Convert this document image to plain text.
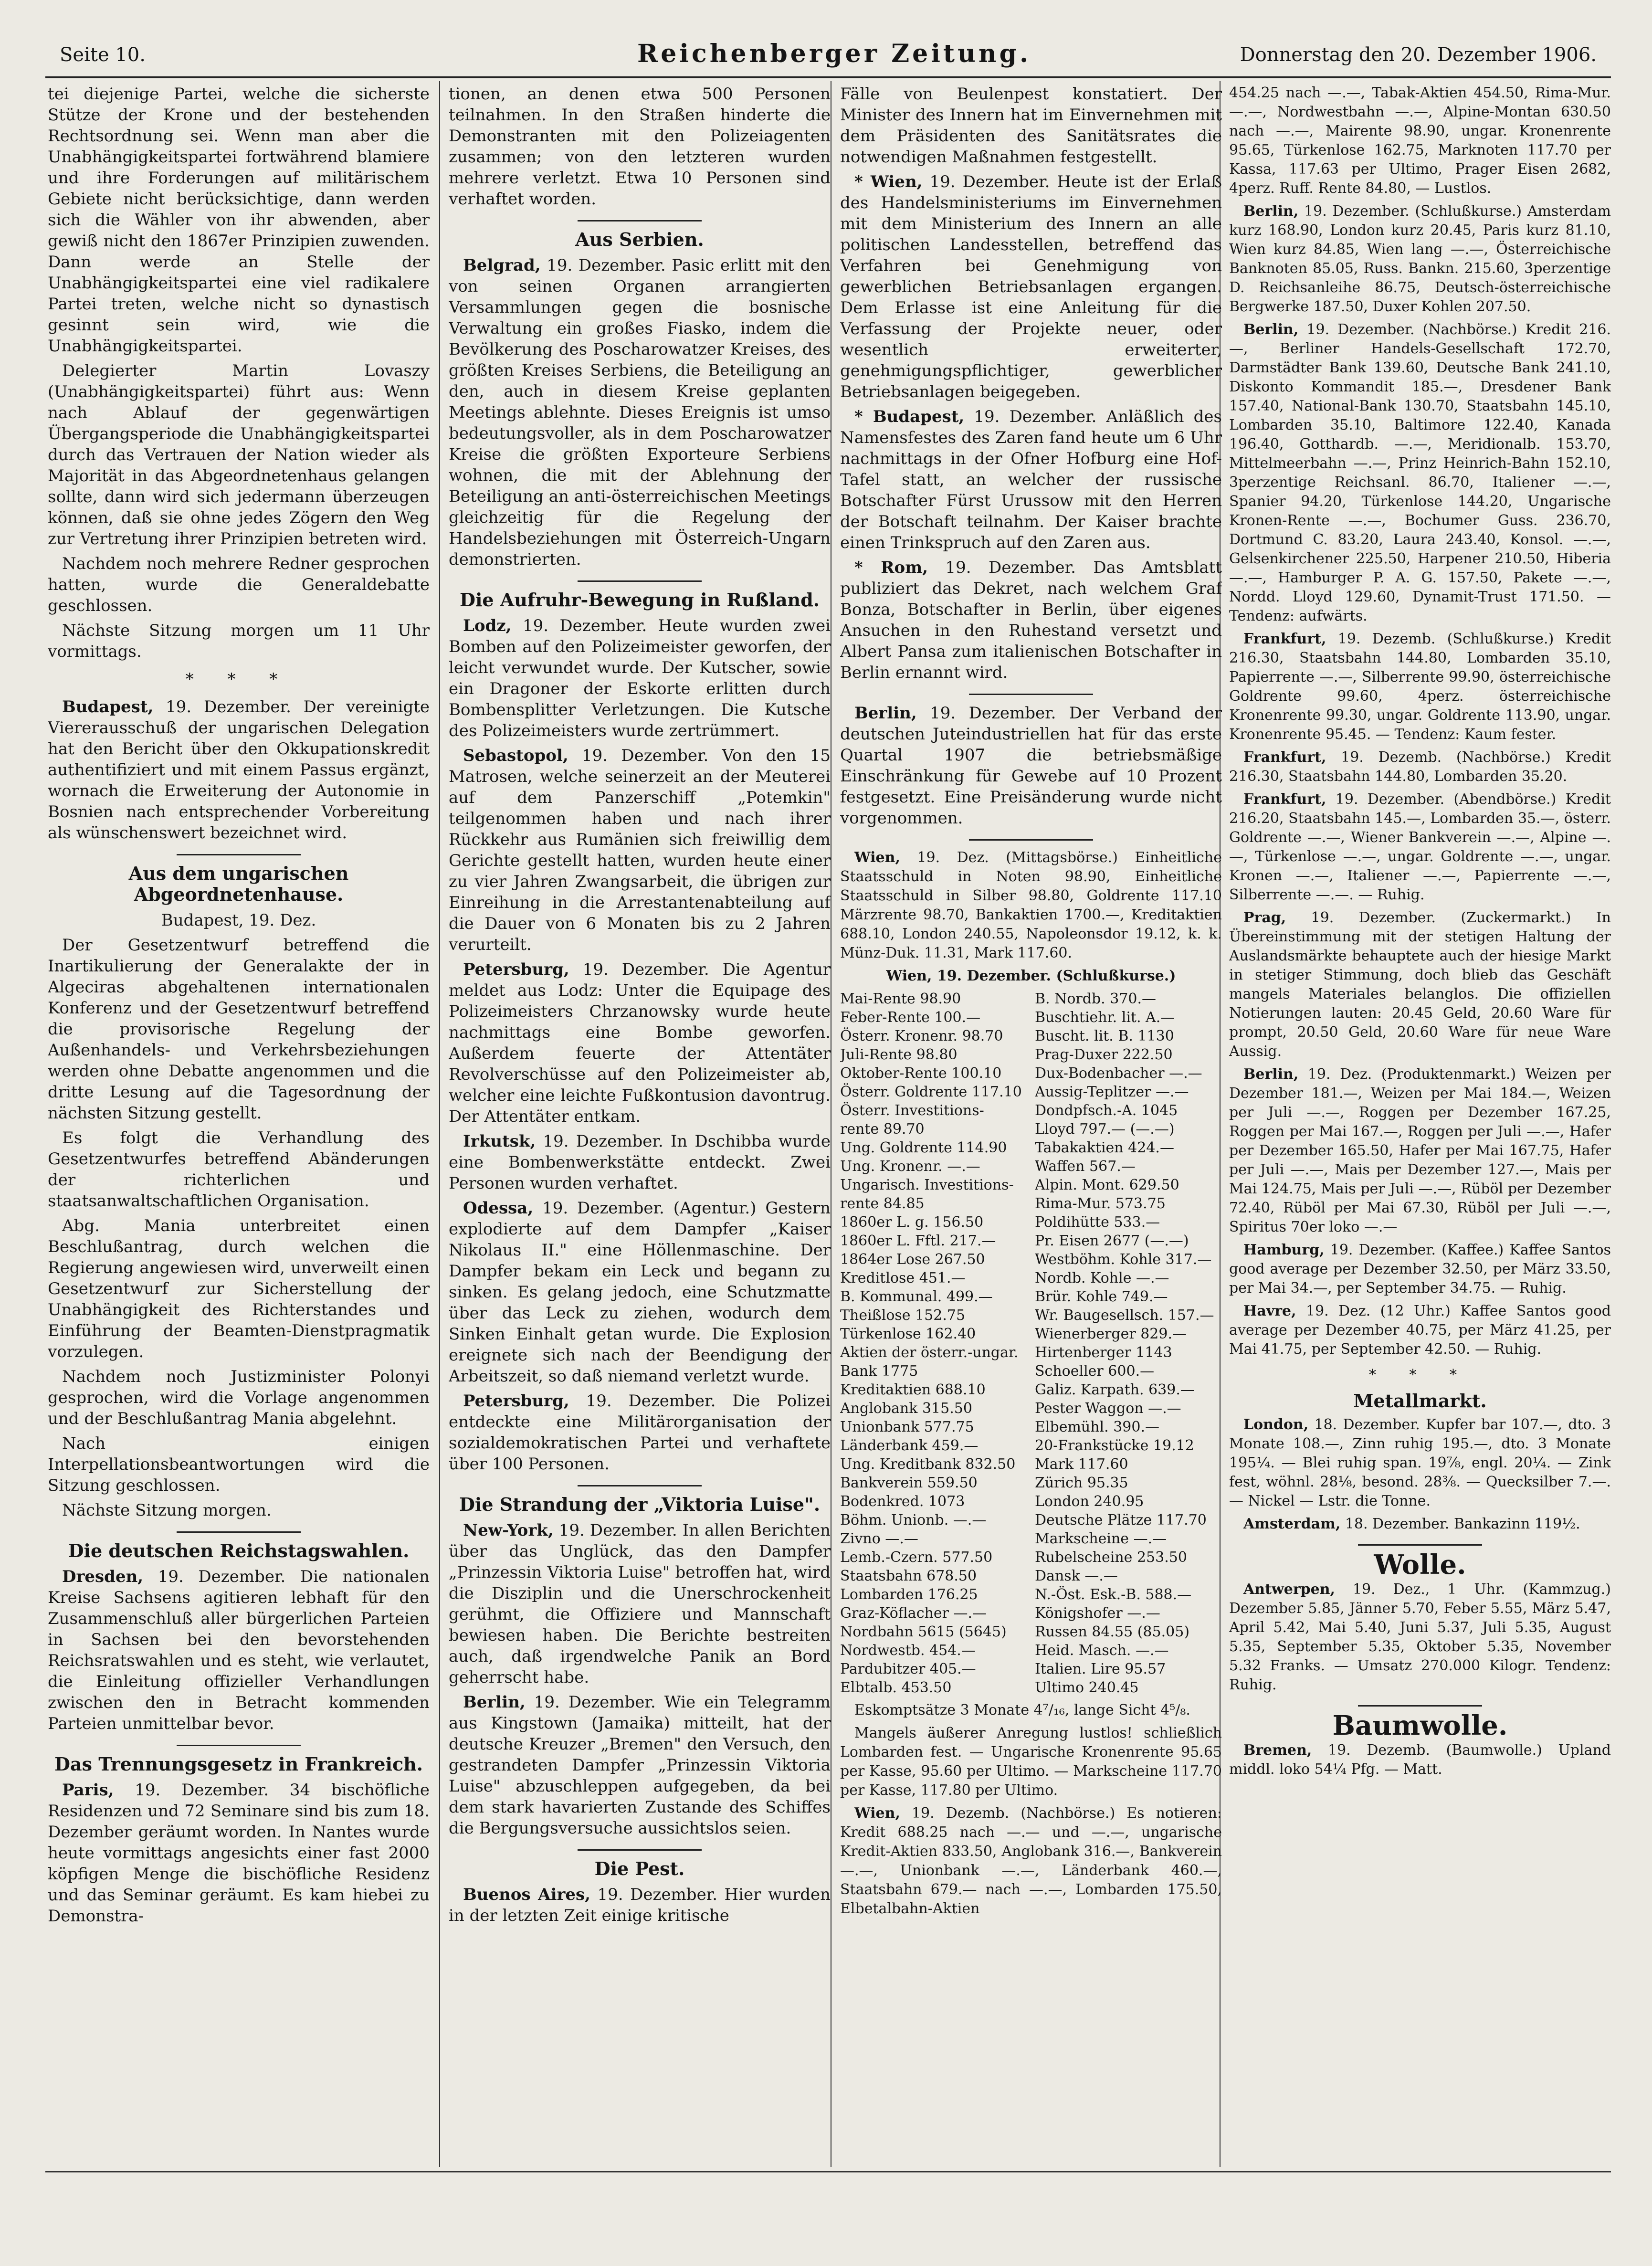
Seite 10.	Reichenberger Zeitung.	Donnerstag den 20. Dezember 1906.

tei diejenige Partei, welche die sicherste Stütze der Krone und der bestehenden Rechtsordnung sei. Wenn man aber die Unabhängigkeitspartei fortwährend blamiere und ihre Forderungen auf militärischem Gebiete nicht berücksichtige, dann werden sich die Wähler von ihr abwenden, aber gewiß nicht den 1867er Prinzipien zuwenden. Dann werde an Stelle der Unabhängigkeitspartei eine viel radikalere Partei treten, welche nicht so dynastisch gesinnt sein wird, wie die Unabhängigkeitspartei.

Delegierter Martin Lovaszy (Unabhängigkeitspartei) führt aus: Wenn nach Ablauf der gegenwärtigen Übergangsperiode die Unabhängigkeitspartei durch das Vertrauen der Nation wieder als Majorität in das Abgeordnetenhaus gelangen sollte, dann wird sich jedermann überzeugen können, daß sie ohne jedes Zögern den Weg zur Vertretung ihrer Prinzipien betreten wird.

Nachdem noch mehrere Redner gesprochen hatten, wurde die Generaldebatte geschlossen.

Nächste Sitzung morgen um 11 Uhr vormittags.

* * *

Budapest, 19. Dezember. Der vereinigte Viererausschuß der ungarischen Delegation hat den Bericht über den Okkupationskredit authentifiziert und mit einem Passus ergänzt, wornach die Erweiterung der Autonomie in Bosnien nach entsprechender Vorbereitung als wünschenswert bezeichnet wird.

Aus dem ungarischen Abgeordnetenhause.

Budapest, 19. Dez.

Der Gesetzentwurf betreffend die Inartikulierung der Generalakte der in Algeciras abgehaltenen internationalen Konferenz und der Gesetzentwurf betreffend die provisorische Regelung der Außenhandels- und Verkehrsbeziehungen werden ohne Debatte angenommen und die dritte Lesung auf die Tagesordnung der nächsten Sitzung gestellt.

Es folgt die Verhandlung des Gesetzentwurfes betreffend Abänderungen der richterlichen und staatsanwaltschaftlichen Organisation.

Abg. Mania unterbreitet einen Beschlußantrag, durch welchen die Regierung angewiesen wird, unverweilt einen Gesetzentwurf zur Sicherstellung der Unabhängigkeit des Richterstandes und Einführung der Beamten-Dienstpragmatik vorzulegen.

Nachdem noch Justizminister Polonyi gesprochen, wird die Vorlage angenommen und der Beschlußantrag Mania abgelehnt.

Nach einigen Interpellationsbeantwortungen wird die Sitzung geschlossen.

Nächste Sitzung morgen.

Die deutschen Reichstagswahlen.

Dresden, 19. Dezember. Die nationalen Kreise Sachsens agitieren lebhaft für den Zusammenschluß aller bürgerlichen Parteien in Sachsen bei den bevorstehenden Reichsratswahlen und es steht, wie verlautet, die Einleitung offizieller Verhandlungen zwischen den in Betracht kommenden Parteien unmittelbar bevor.

Das Trennungsgesetz in Frankreich.

Paris, 19. Dezember. 34 bischöfliche Residenzen und 72 Seminare sind bis zum 18. Dezember geräumt worden. In Nantes wurde heute vormittags angesichts einer fast 2000 köpfigen Menge die bischöfliche Residenz und das Seminar geräumt. Es kam hiebei zu Demonstra-

tionen, an denen etwa 500 Personen teilnahmen. In den Straßen hinderte die Demonstranten mit den Polizeiagenten zusammen; von den letzteren wurden mehrere verletzt. Etwa 10 Personen sind verhaftet worden.

Aus Serbien.

Belgrad, 19. Dezember. Pasic erlitt mit den von seinen Organen arrangierten Versammlungen gegen die bosnische Verwaltung ein großes Fiasko, indem die Bevölkerung des Poscharowatzer Kreises, des größten Kreises Serbiens, die Beteiligung an den, auch in diesem Kreise geplanten Meetings ablehnte. Dieses Ereignis ist umso bedeutungsvoller, als in dem Poscharowatzer Kreise die größten Exporteure Serbiens wohnen, die mit der Ablehnung der Beteiligung an anti-österreichischen Meetings gleichzeitig für die Regelung der Handelsbeziehungen mit Österreich-Ungarn demonstrierten.

Die Aufruhr-Bewegung in Rußland.

Lodz, 19. Dezember. Heute wurden zwei Bomben auf den Polizeimeister geworfen, der leicht verwundet wurde. Der Kutscher, sowie ein Dragoner der Eskorte erlitten durch Bombensplitter Verletzungen. Die Kutsche des Polizeimeisters wurde zertrümmert.

Sebastopol, 19. Dezember. Von den 15 Matrosen, welche seinerzeit an der Meuterei auf dem Panzerschiff „Potemkin" teilgenommen haben und nach ihrer Rückkehr aus Rumänien sich freiwillig dem Gerichte gestellt hatten, wurden heute einer zu vier Jahren Zwangsarbeit, die übrigen zur Einreihung in die Arrestantenabteilung auf die Dauer von 6 Monaten bis zu 2 Jahren verurteilt.

Petersburg, 19. Dezember. Die Agentur meldet aus Lodz: Unter die Equipage des Polizeimeisters Chrzanowsky wurde heute nachmittags eine Bombe geworfen. Außerdem feuerte der Attentäter Revolverschüsse auf den Polizeimeister ab, welcher eine leichte Fußkontusion davontrug. Der Attentäter entkam.

Irkutsk, 19. Dezember. In Dschibba wurde eine Bombenwerkstätte entdeckt. Zwei Personen wurden verhaftet.

Odessa, 19. Dezember. (Agentur.) Gestern explodierte auf dem Dampfer „Kaiser Nikolaus II." eine Höllenmaschine. Der Dampfer bekam ein Leck und begann zu sinken. Es gelang jedoch, eine Schutzmatte über das Leck zu ziehen, wodurch dem Sinken Einhalt getan wurde. Die Explosion ereignete sich nach der Beendigung der Arbeitszeit, so daß niemand verletzt wurde.

Petersburg, 19. Dezember. Die Polizei entdeckte eine Militärorganisation der sozialdemokratischen Partei und verhaftete über 100 Personen.

Die Strandung der „Viktoria Luise".

New-York, 19. Dezember. In allen Berichten über das Unglück, das den Dampfer „Prinzessin Viktoria Luise" betroffen hat, wird die Disziplin und die Unerschrockenheit gerühmt, die Offiziere und Mannschaft bewiesen haben. Die Berichte bestreiten auch, daß irgendwelche Panik an Bord geherrscht habe.

Berlin, 19. Dezember. Wie ein Telegramm aus Kingstown (Jamaika) mitteilt, hat der deutsche Kreuzer „Bremen" den Versuch, den gestrandeten Dampfer „Prinzessin Viktoria Luise" abzuschleppen aufgegeben, da bei dem stark havarierten Zustande des Schiffes die Bergungsversuche aussichtslos seien.

Die Pest.

Buenos Aires, 19. Dezember. Hier wurden in der letzten Zeit einige kritische

Fälle von Beulenpest konstatiert. Der Minister des Innern hat im Einvernehmen mit dem Präsidenten des Sanitätsrates die notwendigen Maßnahmen festgestellt.

* Wien, 19. Dezember. Heute ist der Erlaß des Handelsministeriums im Einvernehmen mit dem Ministerium des Innern an alle politischen Landesstellen, betreffend das Verfahren bei Genehmigung von gewerblichen Betriebsanlagen ergangen. Dem Erlasse ist eine Anleitung für die Verfassung der Projekte neuer, oder wesentlich erweiterter, genehmigungspflichtiger, gewerblicher Betriebsanlagen beigegeben.

* Budapest, 19. Dezember. Anläßlich des Namensfestes des Zaren fand heute um 6 Uhr nachmittags in der Ofner Hofburg eine Hof-Tafel statt, an welcher der russische Botschafter Fürst Urussow mit den Herren der Botschaft teilnahm. Der Kaiser brachte einen Trinkspruch auf den Zaren aus.

* Rom, 19. Dezember. Das Amtsblatt publiziert das Dekret, nach welchem Graf Bonza, Botschafter in Berlin, über eigenes Ansuchen in den Ruhestand versetzt und Albert Pansa zum italienischen Botschafter in Berlin ernannt wird.

Berlin, 19. Dezember. Der Verband der deutschen Juteindustriellen hat für das erste Quartal 1907 die betriebsmäßige Einschränkung für Gewebe auf 10 Prozent festgesetzt. Eine Preisänderung wurde nicht vorgenommen.

Wien, 19. Dez. (Mittagsbörse.) Einheitliche Staatsschuld in Noten 98.90, Einheitliche Staatsschuld in Silber 98.80, Goldrente 117.10 Märzrente 98.70, Bankaktien 1700.—, Kreditaktien 688.10, London 240.55, Napoleonsdor 19.12, k. k. Münz-Duk. 11.31, Mark 117.60.

Wien, 19. Dezember. (Schlußkurse.)

Mai-Rente 98.90	B. Nordb. 370.—
Feber-Rente 100.—	Buschtiehr. lit. A.—
Österr. Kronenr. 98.70	Buscht. lit. B. 1130
Juli-Rente 98.80	Prag-Duxer 222.50
Oktober-Rente 100.10	Dux-Bodenbacher —.—
Österr. Goldrente 117.10 Aussig-Teplitzer —.—
Österr. Investitions-	Dondpfsch.-A. 1045
rente 89.70	Lloyd 797.— (—.—)
Ung. Goldrente 114.90	Tabakaktien 424.—
Ung. Kronenr. —.—	Waffen 567.—
Ungarisch. Investitions-	Alpin. Mont. 629.50
rente 84.85	Rima-Mur. 573.75
1860er L. g. 156.50	Poldihütte 533.—
1860er L. Fftl. 217.—	Pr. Eisen 2677 (—.—)
1864er Lose 267.50	Westböhm. Kohle 317.—
Kreditlose 451.—	Nordb. Kohle —.—
B. Kommunal. 499.—	Brür. Kohle 749.—
Theißlose 152.75	Wr. Baugesellsch. 157.—
Türkenlose 162.40	Wienerberger 829.—
Aktien der österr.-ungar.	Hirtenberger 1143
Bank 1775	Schoeller 600.—
Kreditaktien 688.10	Galiz. Karpath. 639.—
Anglobank 315.50	Pester Waggon —.—
Unionbank 577.75	Elbemühl. 390.—
Länderbank 459.—	20-Frankstücke 19.12
Ung. Kreditbank 832.50	Mark 117.60
Bankverein 559.50	Zürich 95.35
Bodenkred. 1073	London 240.95
Böhm. Unionb. —.—	Deutsche Plätze 117.70
Zivno —.—	Markscheine —.—
Lemb.-Czern. 577.50	Rubelscheine 253.50
Staatsbahn 678.50	Dansk —.—
Lombarden 176.25	N.-Öst. Esk.-B. 588.—
Graz-Köflacher —.—	Königshofer —.—
Nordbahn 5615 (5645)	Russen 84.55 (85.05)
Nordwestb. 454.—	Heid. Masch. —.—
Pardubitzer 405.—	Italien. Lire 95.57
Elbtalb. 453.50	Ultimo 240.45

Eskomptsätze 3 Monate 4⁷/₁₆, lange Sicht 4⁵/₈.

Mangels äußerer Anregung lustlos! schließlich Lombarden fest. — Ungarische Kronenrente 95.65 per Kasse, 95.60 per Ultimo. — Markscheine 117.70 per Kasse, 117.80 per Ultimo.

Wien, 19. Dezemb. (Nachbörse.) Es notieren: Kredit 688.25 nach —.— und —.—, ungarische Kredit-Aktien 833.50, Anglobank 316.—, Bankverein —.—, Unionbank —.—, Länderbank 460.—, Staatsbahn 679.— nach —.—, Lombarden 175.50, Elbetalbahn-Aktien

454.25 nach —.—, Tabak-Aktien 454.50, Rima-Mur. —.—, Nordwestbahn —.—, Alpine-Montan 630.50 nach —.—, Mairente 98.90, ungar. Kronenrente 95.65, Türkenlose 162.75, Marknoten 117.70 per Kassa, 117.63 per Ultimo, Prager Eisen 2682, 4perz. Ruff. Rente 84.80, — Lustlos.

Berlin, 19. Dezember. (Schlußkurse.) Amsterdam kurz 168.90, London kurz 20.45, Paris kurz 81.10, Wien kurz 84.85, Wien lang —.—, Österreichische Banknoten 85.05, Russ. Bankn. 215.60, 3perzentige D. Reichsanleihe 86.75, Deutsch-österreichische Bergwerke 187.50, Duxer Kohlen 207.50.

Berlin, 19. Dezember. (Nachbörse.) Kredit 216.—, Berliner Handels-Gesellschaft 172.70, Darmstädter Bank 139.60, Deutsche Bank 241.10, Diskonto Kommandit 185.—, Dresdener Bank 157.40, National-Bank 130.70, Staatsbahn 145.10, Lombarden 35.10, Baltimore 122.40, Kanada 196.40, Gotthardb. —.—, Meridionalb. 153.70, Mittelmeerbahn —.—, Prinz Heinrich-Bahn 152.10, 3perzentige Reichsanl. 86.70, Italiener —.—, Spanier 94.20, Türkenlose 144.20, Ungarische Kronen-Rente —.—, Bochumer Guss. 236.70, Dortmund C. 83.20, Laura 243.40, Konsol. —.—, Gelsenkirchener 225.50, Harpener 210.50, Hiberia —.—, Hamburger P. A. G. 157.50, Pakete —.—, Nordd. Lloyd 129.60, Dynamit-Trust 171.50. — Tendenz: aufwärts.

Frankfurt, 19. Dezemb. (Schlußkurse.) Kredit 216.30, Staatsbahn 144.80, Lombarden 35.10, Papierrente —.—, Silberrente 99.90, österreichische Goldrente 99.60, 4perz. österreichische Kronenrente 99.30, ungar. Goldrente 113.90, ungar. Kronenrente 95.45. — Tendenz: Kaum fester.

Frankfurt, 19. Dezemb. (Nachbörse.) Kredit 216.30, Staatsbahn 144.80, Lombarden 35.20.

Frankfurt, 19. Dezember. (Abendbörse.) Kredit 216.20, Staatsbahn 145.—, Lombarden 35.—, österr. Goldrente —.—, Wiener Bankverein —.—, Alpine —.—, Türkenlose —.—, ungar. Goldrente —.—, ungar. Kronen —.—, Italiener —.—, Papierrente —.—, Silberrente —.—. — Ruhig.

Prag, 19. Dezember. (Zuckermarkt.) In Übereinstimmung mit der stetigen Haltung der Auslandsmärkte behauptete auch der hiesige Markt in stetiger Stimmung, doch blieb das Geschäft mangels Materiales belanglos. Die offiziellen Notierungen lauten: 20.45 Geld, 20.60 Ware für prompt, 20.50 Geld, 20.60 Ware für neue Ware Aussig.

Berlin, 19. Dez. (Produktenmarkt.) Weizen per Dezember 181.—, Weizen per Mai 184.—, Weizen per Juli —.—, Roggen per Dezember 167.25, Roggen per Mai 167.—, Roggen per Juli —.—, Hafer per Dezember 165.50, Hafer per Mai 167.75, Hafer per Juli —.—, Mais per Dezember 127.—, Mais per Mai 124.75, Mais per Juli —.—, Rüböl per Dezember 72.40, Rüböl per Mai 67.30, Rüböl per Juli —.—, Spiritus 70er loko —.—

Hamburg, 19. Dezember. (Kaffee.) Kaffee Santos good average per Dezember 32.50, per März 33.50, per Mai 34.—, per September 34.75. — Ruhig.

Havre, 19. Dez. (12 Uhr.) Kaffee Santos good average per Dezember 40.75, per März 41.25, per Mai 41.75, per September 42.50. — Ruhig.

* * *
Metallmarkt.

London, 18. Dezember. Kupfer bar 107.—, dto. 3 Monate 108.—, Zinn ruhig 195.—, dto. 3 Monate 195¼. — Blei ruhig span. 19⅞, engl. 20¼. — Zink fest, wöhnl. 28⅛, besond. 28⅜. — Quecksilber 7.—. — Nickel — Lstr. die Tonne.

Amsterdam, 18. Dezember. Bankazinn 119½.

Wolle.

Antwerpen, 19. Dez., 1 Uhr. (Kammzug.) Dezember 5.85, Jänner 5.70, Feber 5.55, März 5.47, April 5.42, Mai 5.40, Juni 5.37, Juli 5.35, August 5.35, September 5.35, Oktober 5.35, November 5.32 Franks. — Umsatz 270.000 Kilogr. Tendenz: Ruhig.

Baumwolle.

Bremen, 19. Dezemb. (Baumwolle.) Upland middl. loko 54¼ Pfg. — Matt.
